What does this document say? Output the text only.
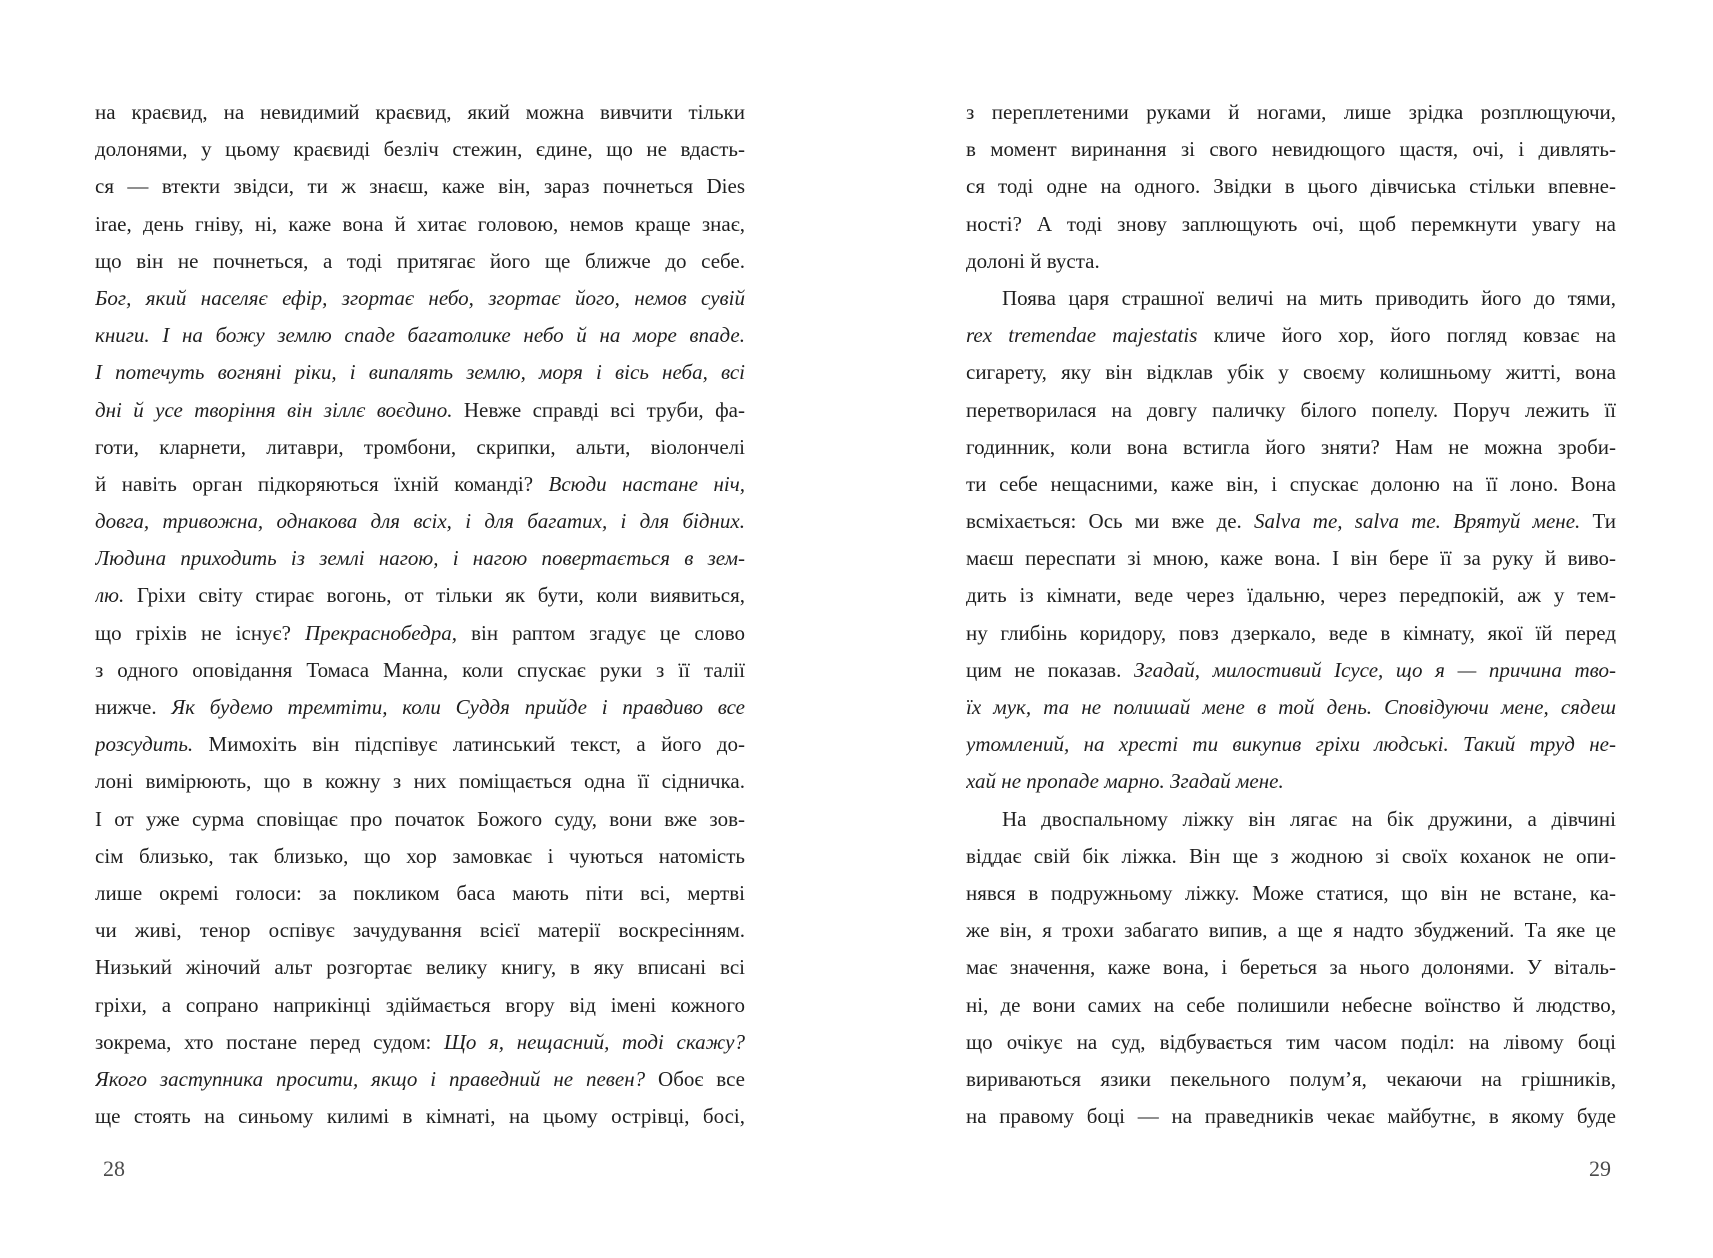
на краєвид, на невидимий краєвид, який можна вивчити тільки
долонями, у цьому краєвиді безліч стежин, єдине, що не вдасть-
ся — втекти звідси, ти ж знаєш, каже він, зараз почнеться Dies
irae, день гніву, ні, каже вона й хитає головою, немов краще знає,
що він не почнеться, а тоді притягає його ще ближче до себе.
Бог, який населяє ефір, згортає небо, згортає його, немов сувій
книги. І на божу землю спаде багатолике небо й на море впаде.
І потечуть вогняні ріки, і випалять землю, моря і вісь неба, всі
дні й усе творіння він зіллє воєдино. Невже справді всі труби, фа-
готи, кларнети, литаври, тромбони, скрипки, альти, віолончелі
й навіть орган підкоряються їхній команді? Всюди настане ніч,
довга, тривожна, однакова для всіх, і для багатих, і для бідних.
Людина приходить із землі нагою, і нагою повертається в зем-
лю. Гріхи світу стирає вогонь, от тільки як бути, коли виявиться,
що гріхів не існує? Прекраснобедра, він раптом згадує це слово
з одного оповідання Томаса Манна, коли спускає руки з її талії
нижче. Як будемо тремтіти, коли Суддя прийде і правдиво все
розсудить. Мимохіть він підспівує латинський текст, а його до-
лоні вимірюють, що в кожну з них поміщається одна її сідничка.
І от уже сурма сповіщає про початок Божого суду, вони вже зов-
сім близько, так близько, що хор замовкає і чуються натомість
лише окремі голоси: за покликом баса мають піти всі, мертві
чи живі, тенор оспівує зачудування всієї матерії воскресінням.
Низький жіночий альт розгортає велику книгу, в яку вписані всі
гріхи, а сопрано наприкінці здіймається вгору від імені кожного
зокрема, хто постане перед судом: Що я, нещасний, тоді скажу?
Якого заступника просити, якщо і праведний не певен? Обоє все
ще стоять на синьому килимі в кімнаті, на цьому острівці, босі,
з переплетеними руками й ногами, лише зрідка розплющуючи,
в момент виринання зі свого невидющого щастя, очі, і дивлять-
ся тоді одне на одного. Звідки в цього дівчиська стільки впевне-
ності? А тоді знову заплющують очі, щоб перемкнути увагу на
долоні й вуста.
Поява царя страшної величі на мить приводить його до тями,
rex tremendae majestatis кличе його хор, його погляд ковзає на
сигарету, яку він відклав убік у своєму колишньому житті, вона
перетворилася на довгу паличку білого попелу. Поруч лежить її
годинник, коли вона встигла його зняти? Нам не можна зроби-
ти себе нещасними, каже він, і спускає долоню на її лоно. Вона
всміхається: Ось ми вже де. Salva me, salva me. Врятуй мене. Ти
маєш переспати зі мною, каже вона. І він бере її за руку й виво-
дить із кімнати, веде через їдальню, через передпокій, аж у тем-
ну глибінь коридору, повз дзеркало, веде в кімнату, якої їй перед
цим не показав. Згадай, милостивий Ісусе, що я — причина тво-
їх мук, та не полишай мене в той день. Сповідуючи мене, сядеш
утомлений, на хресті ти викупив гріхи людські. Такий труд не-
хай не пропаде марно. Згадай мене.
На двоспальному ліжку він лягає на бік дружини, а дівчині
віддає свій бік ліжка. Він ще з жодною зі своїх коханок не опи-
нявся в подружньому ліжку. Може статися, що він не встане, ка-
же він, я трохи забагато випив, а ще я надто збуджений. Та яке це
має значення, каже вона, і береться за нього долонями. У віталь-
ні, де вони самих на себе полишили небесне воїнство й людство,
що очікує на суд, відбувається тим часом поділ: на лівому боці
вириваються язики пекельного полум’я, чекаючи на грішників,
на правому боці — на праведників чекає майбутнє, в якому буде
28	29
